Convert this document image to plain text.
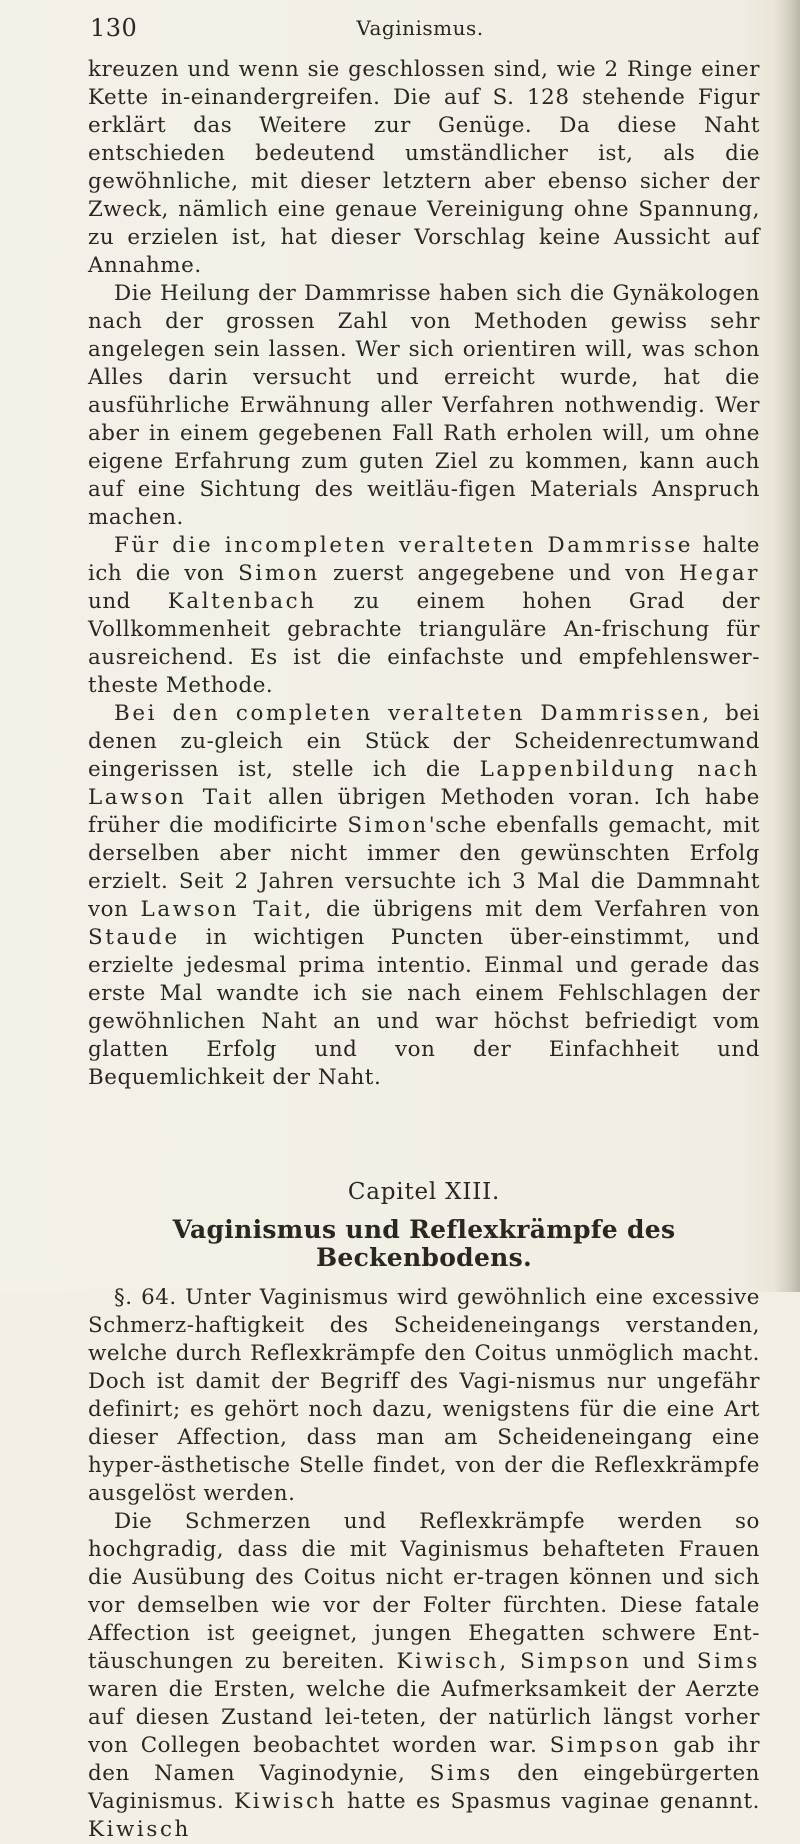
130	Vaginismus.

kreuzen und wenn sie geschlossen sind, wie 2 Ringe einer Kette in-einandergreifen. Die auf S. 128 stehende Figur erklärt das Weitere zur Genüge. Da diese Naht entschieden bedeutend umständlicher ist, als die gewöhnliche, mit dieser letztern aber ebenso sicher der Zweck, nämlich eine genaue Vereinigung ohne Spannung, zu erzielen ist, hat dieser Vorschlag keine Aussicht auf Annahme.

Die Heilung der Dammrisse haben sich die Gynäkologen nach der grossen Zahl von Methoden gewiss sehr angelegen sein lassen. Wer sich orientiren will, was schon Alles darin versucht und erreicht wurde, hat die ausführliche Erwähnung aller Verfahren nothwendig. Wer aber in einem gegebenen Fall Rath erholen will, um ohne eigene Erfahrung zum guten Ziel zu kommen, kann auch auf eine Sichtung des weitläu-figen Materials Anspruch machen.

Für die incompleten veralteten Dammrisse halte ich die von Simon zuerst angegebene und von Hegar und Kaltenbach zu einem hohen Grad der Vollkommenheit gebrachte trianguläre An-frischung für ausreichend. Es ist die einfachste und empfehlenswer-theste Methode.

Bei den completen veralteten Dammrissen, bei denen zu-gleich ein Stück der Scheidenrectumwand eingerissen ist, stelle ich die Lappenbildung nach Lawson Tait allen übrigen Methoden voran. Ich habe früher die modificirte Simon'sche ebenfalls gemacht, mit derselben aber nicht immer den gewünschten Erfolg erzielt. Seit 2 Jahren versuchte ich 3 Mal die Dammnaht von Lawson Tait, die übrigens mit dem Verfahren von Staude in wichtigen Puncten über-einstimmt, und erzielte jedesmal prima intentio. Einmal und gerade das erste Mal wandte ich sie nach einem Fehlschlagen der gewöhnlichen Naht an und war höchst befriedigt vom glatten Erfolg und von der Einfachheit und Bequemlichkeit der Naht.

Capitel XIII.
Vaginismus und Reflexkrämpfe des Beckenbodens.

§. 64. Unter Vaginismus wird gewöhnlich eine excessive Schmerz-haftigkeit des Scheideneingangs verstanden, welche durch Reflexkrämpfe den Coitus unmöglich macht. Doch ist damit der Begriff des Vagi-nismus nur ungefähr definirt; es gehört noch dazu, wenigstens für die eine Art dieser Affection, dass man am Scheideneingang eine hyper-ästhetische Stelle findet, von der die Reflexkrämpfe ausgelöst werden.

Die Schmerzen und Reflexkrämpfe werden so hochgradig, dass die mit Vaginismus behafteten Frauen die Ausübung des Coitus nicht er-tragen können und sich vor demselben wie vor der Folter fürchten. Diese fatale Affection ist geeignet, jungen Ehegatten schwere Ent-täuschungen zu bereiten. Kiwisch, Simpson und Sims waren die Ersten, welche die Aufmerksamkeit der Aerzte auf diesen Zustand lei-teten, der natürlich längst vorher von Collegen beobachtet worden war. Simpson gab ihr den Namen Vaginodynie, Sims den eingebürgerten Vaginismus. Kiwisch hatte es Spasmus vaginae genannt. Kiwisch
